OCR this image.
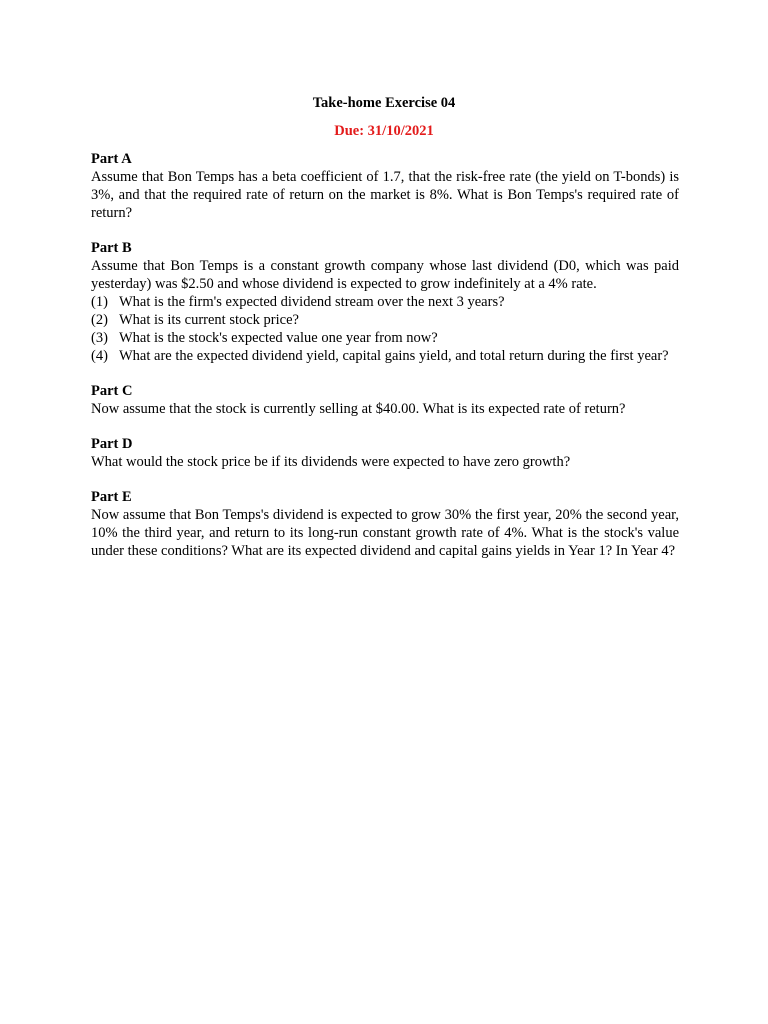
Take-home Exercise 04
Due: 31/10/2021

Part A

Assume that Bon Temps has a beta coefficient of 1.7, that the risk-free rate (the yield on T-bonds) is 3%, and that the required rate of return on the market is 8%. What is Bon Temps's required rate of return?

Part B

Assume that Bon Temps is a constant growth company whose last dividend (D0, which was paid yesterday) was $2.50 and whose dividend is expected to grow indefinitely at a 4% rate.

(1) What is the firm's expected dividend stream over the next 3 years?
(2) What is its current stock price?
(3) What is the stock's expected value one year from now?
(4) What are the expected dividend yield, capital gains yield, and total return during the first year?

Part C

Now assume that the stock is currently selling at $40.00. What is its expected rate of return?

Part D

What would the stock price be if its dividends were expected to have zero growth?

Part E

Now assume that Bon Temps's dividend is expected to grow 30% the first year, 20% the second year, 10% the third year, and return to its long-run constant growth rate of 4%. What is the stock's value under these conditions? What are its expected dividend and capital gains yields in Year 1? In Year 4?
